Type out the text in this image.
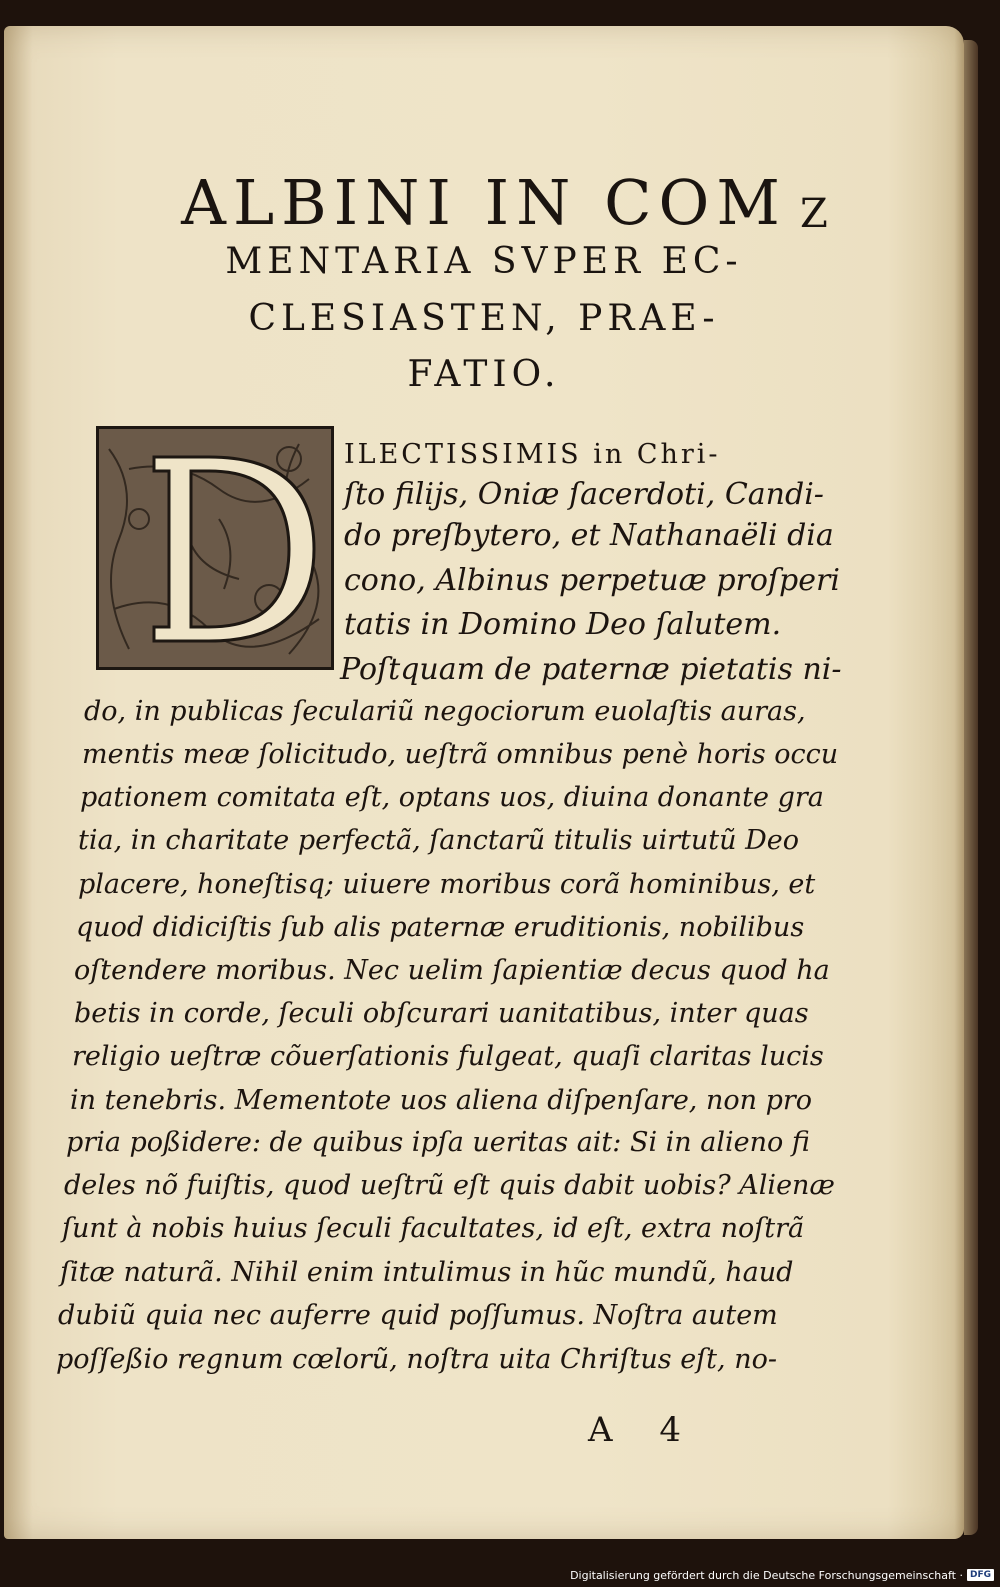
ALBINI IN COM
MENTARIA SVPER EC-
CLESIASTEN, PRAE-
FATIO.
Z
ILECTISSIMIS in Chri-
ſto filijs, Oniæ ſacerdoti, Candi-
do preſbytero, et Nathanaëli dia
cono, Albinus perpetuæ proſperi
tatis in Domino Deo ſalutem.
Poſtquam de paternæ pietatis ni-
do, in publicas ſeculariũ negociorum euolaſtis auras,
mentis meæ ſolicitudo, ueſtrã omnibus penè horis occu
pationem comitata eſt, optans uos, diuina donante gra
tia, in charitate perfectã, ſanctarũ titulis uirtutũ Deo
placere, honeſtisq; uiuere moribus corã hominibus, et
quod didiciſtis ſub alis paternæ eruditionis, nobilibus
oſtendere moribus. Nec uelim ſapientiæ decus quod ha
betis in corde, ſeculi obſcurari uanitatibus, inter quas
religio ueſtræ cõuerſationis fulgeat, quaſi claritas lucis
in tenebris. Mementote uos aliena diſpenſare, non pro
pria poßidere: de quibus ipſa ueritas ait: Si in alieno fi
deles nõ fuiſtis, quod ueſtrũ eſt quis dabit uobis? Alienæ
ſunt à nobis huius ſeculi facultates, id eſt, extra noſtrã
ſitæ naturã. Nihil enim intulimus in hũc mundũ, haud
dubiũ quia nec auferre quid poſſumus. Noſtra autem
poſſeßio regnum cœlorũ, noſtra uita Chriſtus eſt, no-
A 4
Digitalisierung gefördert durch die Deutsche Forschungsgemeinschaft · DFG
